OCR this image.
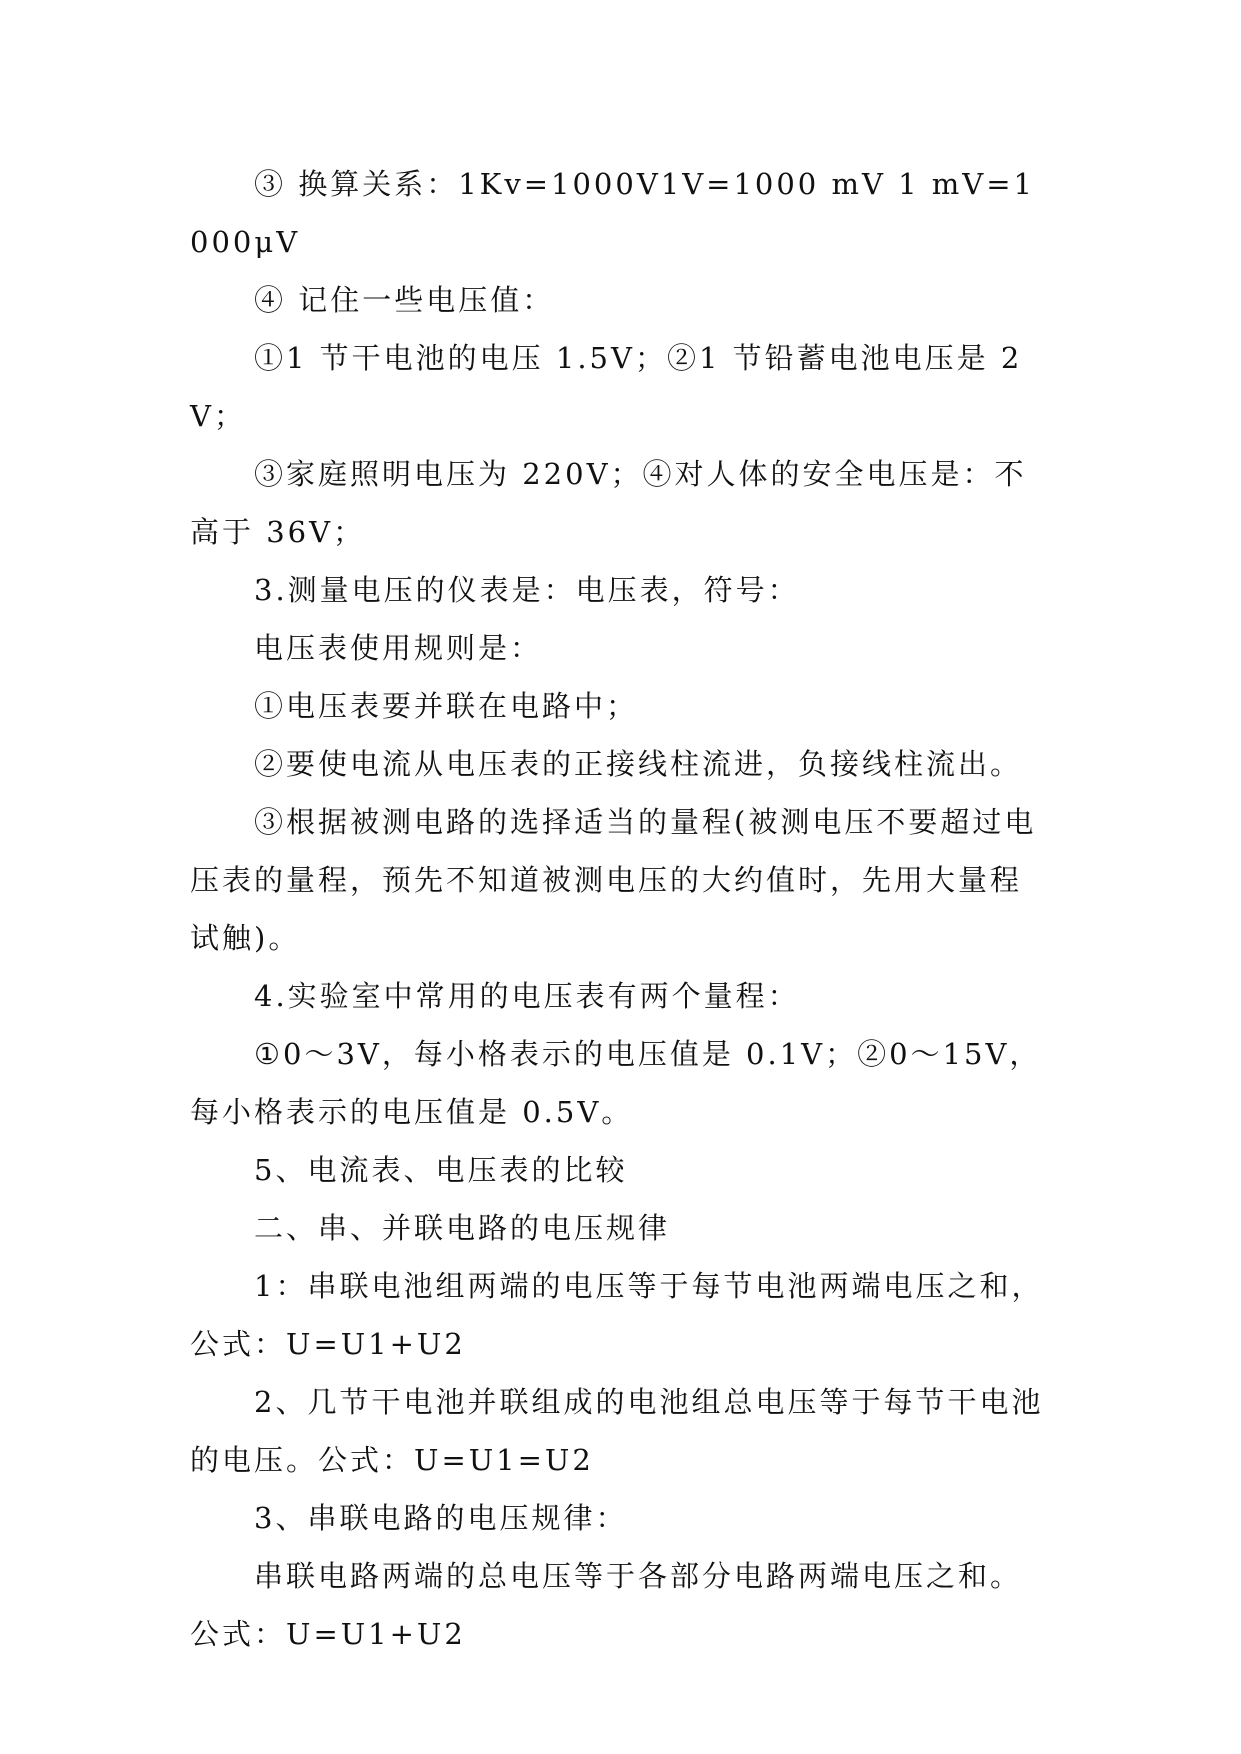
③ 换算关系：1Kv=1000V1V=1000 mV 1 mV=1000μV

④ 记住一些电压值：

①1 节干电池的电压 1.5V；②1 节铅蓄电池电压是 2V；

③家庭照明电压为 220V；④对人体的安全电压是：不高于 36V；

3.测量电压的仪表是：电压表，符号：

电压表使用规则是：

①电压表要并联在电路中；

②要使电流从电压表的正接线柱流进，负接线柱流出。

③根据被测电路的选择适当的量程(被测电压不要超过电压表的量程，预先不知道被测电压的大约值时，先用大量程试触)。

4.实验室中常用的电压表有两个量程：

①0～3V，每小格表示的电压值是 0.1V；②0～15V，每小格表示的电压值是 0.5V。

5、电流表、电压表的比较

二、串、并联电路的电压规律

1：串联电池组两端的电压等于每节电池两端电压之和，公式：U=U1+U2

2、几节干电池并联组成的电池组总电压等于每节干电池的电压。公式：U=U1=U2

3、串联电路的电压规律：

串联电路两端的总电压等于各部分电路两端电压之和。公式：U=U1+U2
